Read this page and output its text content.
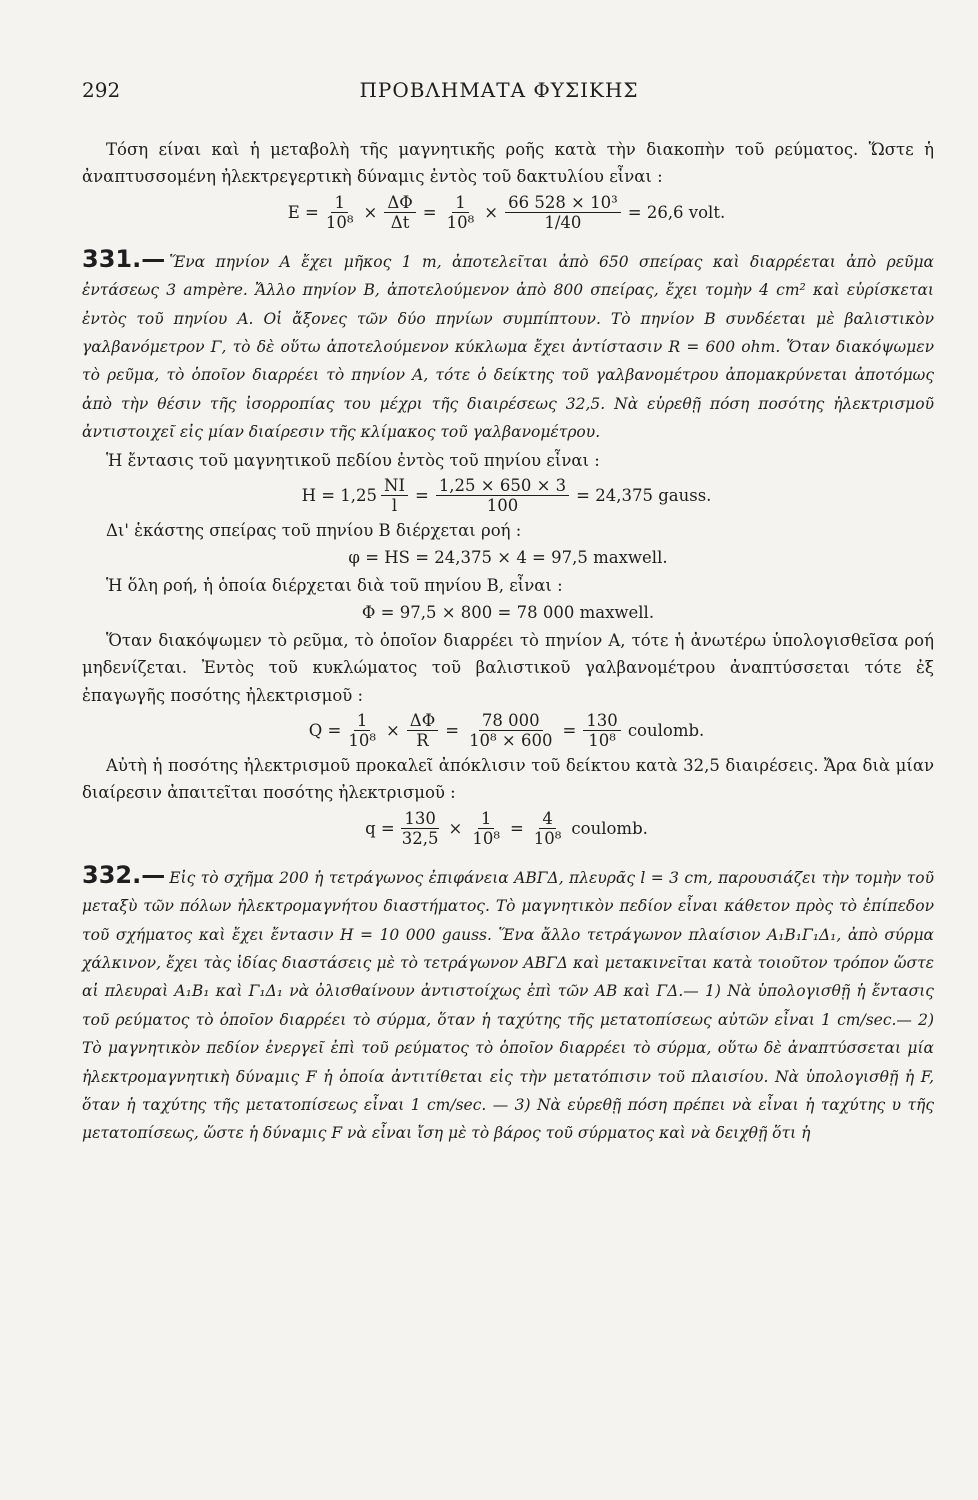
292	ΠΡΟΒΛΗΜΑΤΑ ΦΥΣΙΚΗΣ

Τόση είναι καὶ ἡ μεταβολὴ τῆς μαγνητικῆς ροῆς κατὰ τὴν διακοπὴν τοῦ ρεύματος. Ὥστε ἡ ἀναπτυσσομένη ἠλεκτρεγερτικὴ δύναμις ἐντὸς τοῦ δακτυλίου εἶναι :

$E = \frac{1}{\text{10⁸}} \times \frac{\Delta\Phi}{\Delta t} = \frac{1}{\text{10⁸}} \times \frac{\text{66 528 × 10³}}{1/40} = 26,6$ volt.

331.— Ἕνα πηνίον Α ἔχει μῆκος 1 m, ἀποτελεῖται ἀπὸ 650 σπείρας καὶ διαρρέεται ἀπὸ ρεῦμα ἐντάσεως 3 ampère. Ἄλλο πηνίον Β, ἀποτελούμενον ἀπὸ 800 σπείρας, ἔχει τομὴν 4 cm² καὶ εὑρίσκεται ἐντὸς τοῦ πηνίου Α. Οἱ ἄξονες τῶν δύο πηνίων συμπίπτουν. Τὸ πηνίον Β συνδέεται μὲ βαλιστικὸν γαλβανόμετρον Γ, τὸ δὲ οὕτω ἀποτελούμενον κύκλωμα ἔχει ἀντίστασιν R = 600 ohm. Ὅταν διακόψωμεν τὸ ρεῦμα, τὸ ὁποῖον διαρρέει τὸ πηνίον Α, τότε ὁ δείκτης τοῦ γαλβανομέτρου ἀπομακρύνεται ἀποτόμως ἀπὸ τὴν θέσιν τῆς ἰσορροπίας του μέχρι τῆς διαιρέσεως 32,5. Νὰ εὑρεθῇ πόση ποσότης ἠλεκτρισμοῦ ἀντιστοιχεῖ εἰς μίαν διαίρεσιν τῆς κλίμακος τοῦ γαλβανομέτρου.

Ἡ ἔντασις τοῦ μαγνητικοῦ πεδίου ἐντὸς τοῦ πηνίου εἶναι :

$H = 1,25 \frac{NI}{l} = \frac{1,25 \times 650 \times 3}{100} = 24,375$ gauss.

Δι' ἑκάστης σπείρας τοῦ πηνίου Β διέρχεται ροή :

φ = HS = 24,375 × 4 = 97,5 maxwell.

Ἡ ὅλη ροή, ἡ ὁποία διέρχεται διὰ τοῦ πηνίου Β, εἶναι :

Φ = 97,5 × 800 = 78 000 maxwell.

Ὅταν διακόψωμεν τὸ ρεῦμα, τὸ ὁποῖον διαρρέει τὸ πηνίον Α, τότε ἡ ἀνωτέρω ὑπολογισθεῖσα ροή μηδενίζεται. Ἐντὸς τοῦ κυκλώματος τοῦ βαλιστικοῦ γαλβανομέτρου ἀναπτύσσεται τότε ἐξ ἐπαγωγῆς ποσότης ἠλεκτρισμοῦ :

$Q = \frac{1}{\text{10⁸}} \times \frac{\Delta\Phi}{R} = \frac{78 000}{\text{10⁸ × 600}} = \frac{130}{\text{10⁸}}$ coulomb.

Αὐτὴ ἡ ποσότης ἠλεκτρισμοῦ προκαλεῖ ἀπόκλισιν τοῦ δείκτου κατὰ 32,5 διαιρέσεις. Ἄρα διὰ μίαν διαίρεσιν ἀπαιτεῖται ποσότης ἠλεκτρισμοῦ :

$q = \frac{130}{32,5} \times \frac{1}{\text{10⁸}} = \frac{4}{\text{10⁸}}$ coulomb.

332.— Εἰς τὸ σχῆμα 200 ἡ τετράγωνος ἐπιφάνεια ΑΒΓΔ, πλευρᾶς l = 3 cm, παρουσιάζει τὴν τομὴν τοῦ μεταξὺ τῶν πόλων ἠλεκτρομαγνήτου διαστήματος. Τὸ μαγνητικὸν πεδίον εἶναι κάθετον πρὸς τὸ ἐπίπεδον τοῦ σχήματος καὶ ἔχει ἔντασιν H = 10 000 gauss. Ἕνα ἄλλο τετράγωνον πλαίσιον Α₁Β₁Γ₁Δ₁, ἀπὸ σύρμα χάλκινον, ἔχει τὰς ἰδίας διαστάσεις μὲ τὸ τετράγωνον ΑΒΓΔ καὶ μετακινεῖται κατὰ τοιοῦτον τρόπον ὥστε αἱ πλευραὶ Α₁Β₁ καὶ Γ₁Δ₁ νὰ ὀλισθαίνουν ἀντιστοίχως ἐπὶ τῶν ΑΒ καὶ ΓΔ.— 1) Νὰ ὑπολογισθῇ ἡ ἔντασις τοῦ ρεύματος τὸ ὁποῖον διαρρέει τὸ σύρμα, ὅταν ἡ ταχύτης τῆς μετατοπίσεως αὐτῶν εἶναι 1 cm/sec.— 2) Τὸ μαγνητικὸν πεδίον ἐνεργεῖ ἐπὶ τοῦ ρεύματος τὸ ὁποῖον διαρρέει τὸ σύρμα, οὕτω δὲ ἀναπτύσσεται μία ἠλεκτρομαγνητικὴ δύναμις F ἡ ὁποία ἀντιτίθεται εἰς τὴν μετατόπισιν τοῦ πλαισίου. Νὰ ὑπολογισθῇ ἡ F, ὅταν ἡ ταχύτης τῆς μετατοπίσεως εἶναι 1 cm/sec. — 3) Νὰ εὑρεθῇ πόση πρέπει νὰ εἶναι ἡ ταχύτης υ τῆς μετατοπίσεως, ὥστε ἡ δύναμις F νὰ εἶναι ἴση μὲ τὸ βάρος τοῦ σύρματος καὶ νὰ δειχθῇ ὅτι ἡ
